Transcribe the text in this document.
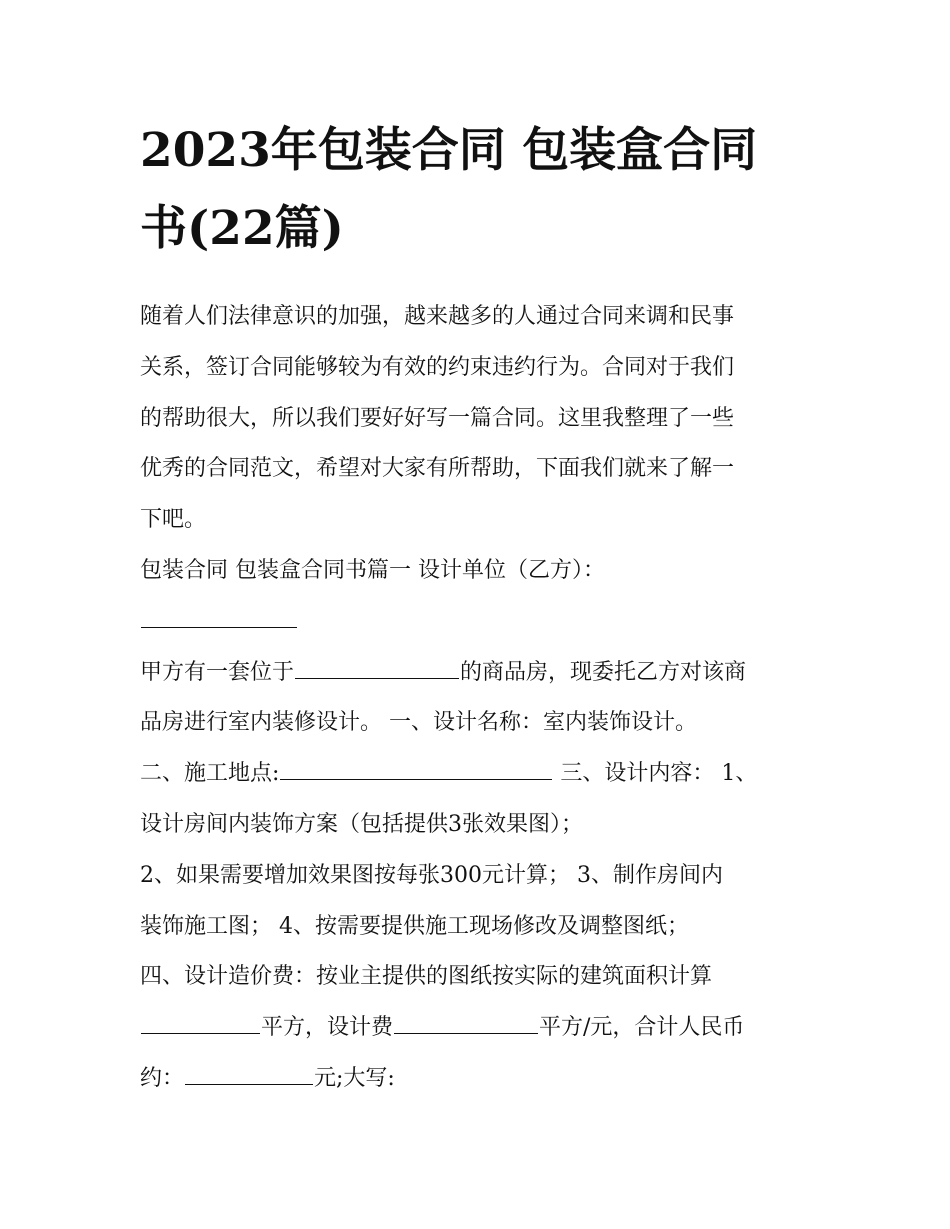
2023年包装合同 包装盒合同
书(22篇)
随着人们法律意识的加强，越来越多的人通过合同来调和民事
关系，签订合同能够较为有效的约束违约行为。合同对于我们
的帮助很大，所以我们要好好写一篇合同。这里我整理了一些
优秀的合同范文，希望对大家有所帮助，下面我们就来了解一
下吧。
包装合同 包装盒合同书篇一 设计单位（乙方）：
甲方有一套位于	的商品房，现委托乙方对该商
品房进行室内装修设计。 一、设计名称：室内装饰设计。
二、施工地点:	三、设计内容： 1、
设计房间内装饰方案（包括提供3张效果图）；
2、如果需要增加效果图按每张300元计算； 3、制作房间内
装饰施工图； 4、按需要提供施工现场修改及调整图纸；
四、设计造价费：按业主提供的图纸按实际的建筑面积计算
平方，设计费	平方/元，合计人民币
约：	元;大写:
